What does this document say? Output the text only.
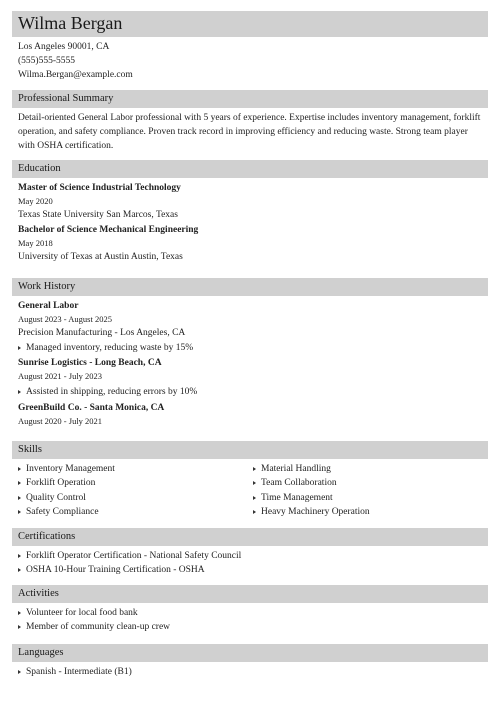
Wilma Bergan
Los Angeles 90001, CA
(555)555-5555
Wilma.Bergan@example.com
Professional Summary

Detail-oriented General Labor professional with 5 years of experience. Expertise includes inventory management, forklift operation, and safety compliance. Proven track record in improving efficiency and reducing waste. Strong team player with OSHA certification.

Education
Master of Science Industrial Technology
May 2020
Texas State University San Marcos, Texas
Bachelor of Science Mechanical Engineering
May 2018
University of Texas at Austin Austin, Texas
Work History
General Labor
August 2023 - August 2025
Precision Manufacturing - Los Angeles, CA
Managed inventory, reducing waste by 15%
Sunrise Logistics - Long Beach, CA
August 2021 - July 2023
Assisted in shipping, reducing errors by 10%
GreenBuild Co. - Santa Monica, CA
August 2020 - July 2021
Skills
Inventory Management
Forklift Operation
Quality Control
Safety Compliance
Material Handling
Team Collaboration
Time Management
Heavy Machinery Operation
Certifications
Forklift Operator Certification - National Safety Council
OSHA 10-Hour Training Certification - OSHA
Activities
Volunteer for local food bank
Member of community clean-up crew
Languages
Spanish - Intermediate (B1)
